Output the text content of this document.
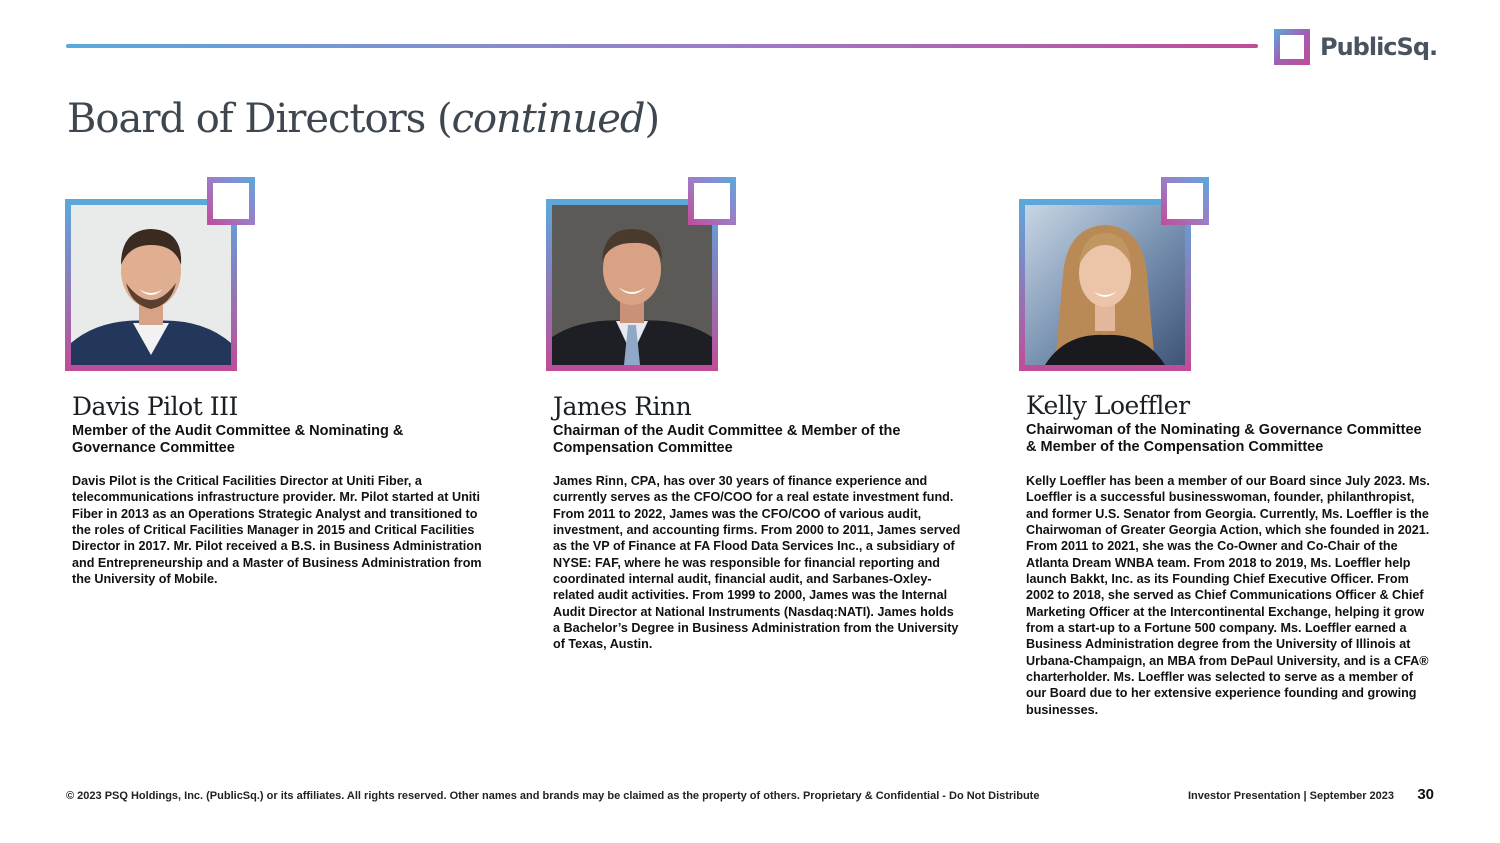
PublicSq.
Board of Directors (continued)
Davis Pilot III

Member of the Audit Committee & Nominating & Governance Committee

Davis Pilot is the Critical Facilities Director at Uniti Fiber, a telecommunications infrastructure provider. Mr. Pilot started at Uniti Fiber in 2013 as an Operations Strategic Analyst and transitioned to the roles of Critical Facilities Manager in 2015 and Critical Facilities Director in 2017. Mr. Pilot received a B.S. in Business Administration and Entrepreneurship and a Master of Business Administration from the University of Mobile.

James Rinn

Chairman of the Audit Committee & Member of the Compensation Committee

James Rinn, CPA, has over 30 years of finance experience and currently serves as the CFO/COO for a real estate investment fund. From 2011 to 2022, James was the CFO/COO of various audit, investment, and accounting firms. From 2000 to 2011, James served as the VP of Finance at FA Flood Data Services Inc., a subsidiary of NYSE: FAF, where he was responsible for financial reporting and coordinated internal audit, financial audit, and Sarbanes-Oxley-related audit activities. From 1999 to 2000, James was the Internal Audit Director at National Instruments (Nasdaq:NATI). James holds a Bachelor’s Degree in Business Administration from the University of Texas, Austin.

Kelly Loeffler

Chairwoman of the Nominating & Governance Committee & Member of the Compensation Committee

Kelly Loeffler has been a member of our Board since July 2023. Ms. Loeffler is a successful businesswoman, founder, philanthropist, and former U.S. Senator from Georgia. Currently, Ms. Loeffler is the Chairwoman of Greater Georgia Action, which she founded in 2021. From 2011 to 2021, she was the Co-Owner and Co-Chair of the Atlanta Dream WNBA team. From 2018 to 2019, Ms. Loeffler help launch Bakkt, Inc. as its Founding Chief Executive Officer. From 2002 to 2018, she served as Chief Communications Officer & Chief Marketing Officer at the Intercontinental Exchange, helping it grow from a start-up to a Fortune 500 company. Ms. Loeffler earned a Business Administration degree from the University of Illinois at Urbana-Champaign, an MBA from DePaul University, and is a CFA® charterholder. Ms. Loeffler was selected to serve as a member of our Board due to her extensive experience founding and growing businesses.

© 2023 PSQ Holdings, Inc. (PublicSq.) or its affiliates. All rights reserved. Other names and brands may be claimed as the property of others. Proprietary & Confidential - Do Not Distribute	Investor Presentation | September 2023 30
